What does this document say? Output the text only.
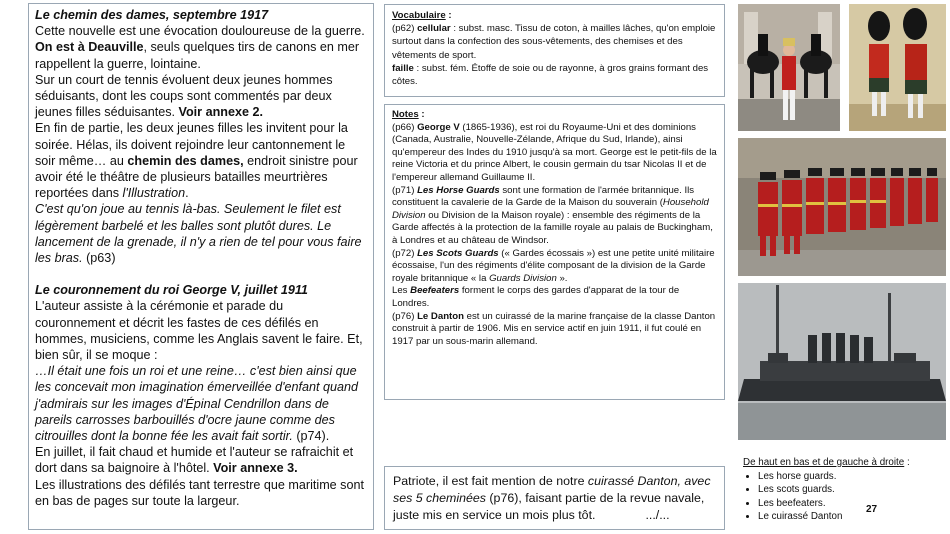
Le chemin des dames, septembre 1917

Cette nouvelle est une évocation douloureuse de la guerre.

On est à Deauville, seuls quelques tirs de canons en mer rappellent la guerre, lointaine.

Sur un court de tennis évoluent deux jeunes hommes séduisants, dont les coups sont commentés par deux jeunes filles séduisantes. Voir annexe 2.

En fin de partie, les deux jeunes filles les invitent pour la soirée. Hélas, ils doivent rejoindre leur cantonnement le soir même… au chemin des dames, endroit sinistre pour avoir été le théâtre de plusieurs batailles meurtrières reportées dans l'Illustration.

C'est qu'on joue au tennis là-bas. Seulement le filet est légèrement barbelé et les balles sont plutôt dures. Le lancement de la grenade, il n'y a rien de tel pour vous faire les bras. (p63)

Le couronnement du roi George V, juillet 1911

L'auteur assiste à la cérémonie et parade du couronnement et décrit les fastes de ces défilés en hommes, musiciens, comme les Anglais savent le faire. Et, bien sûr, il se moque :

…Il était une fois un roi et une reine… c'est bien ainsi que les concevait mon imagination émerveillée d'enfant quand j'admirais sur les images d'Épinal Cendrillon dans de pareils carrosses barbouillés d'ocre jaune comme des citrouilles dont la bonne fée les avait fait sortir. (p74).

En juillet, il fait chaud et humide et l'auteur se rafraichit et dort dans sa baignoire à l'hôtel. Voir annexe 3.

Les illustrations des défilés tant terrestre que maritime sont en bas de pages sur toute la largeur.

Vocabulaire :

(p62) cellular : subst. masc. Tissu de coton, à mailles lâches, qu'on emploie surtout dans la confection des sous-vêtements, des chemises et des vêtements de sport.

faille : subst. fém. Étoffe de soie ou de rayonne, à gros grains formant des côtes.

Notes :

(p66) George V (1865-1936), est roi du Royaume-Uni et des dominions (Canada, Australie, Nouvelle-Zélande, Afrique du Sud, Irlande), ainsi qu'empereur des Indes du 1910 jusqu'à sa mort. George est le petit-fils de la reine Victoria et du prince Albert, le cousin germain du tsar Nicolas II et de l'empereur allemand Guillaume II.

(p71) Les Horse Guards sont une formation de l'armée britannique. Ils constituent la cavalerie de la Garde de la Maison du souverain (Household Division ou Division de la Maison royale) : ensemble des régiments de la Garde affectés à la protection de la famille royale au palais de Buckingham, à Londres et au château de Windsor.

(p72) Les Scots Guards (« Gardes écossais ») est une petite unité militaire écossaise, l'un des régiments d'élite composant de la division de la Garde royale britannique « la Guards Division ».

Les Beefeaters forment le corps des gardes d'apparat de la tour de Londres.

(p76) Le Danton est un cuirassé de la marine française de la classe Danton construit à partir de 1906. Mis en service actif en juin 1911, il fut coulé en 1917 par un sous-marin allemand.

Patriote, il est fait mention de notre cuirassé Danton, avec ses 5 cheminées (p76), faisant partie de la revue navale, juste mis en service un mois plus tôt.	.../...

De haut en bas et de gauche à droite :
• Les horse guards.
• Les scots guards.
• Les beefeaters.
• Le cuirassé Danton
27
